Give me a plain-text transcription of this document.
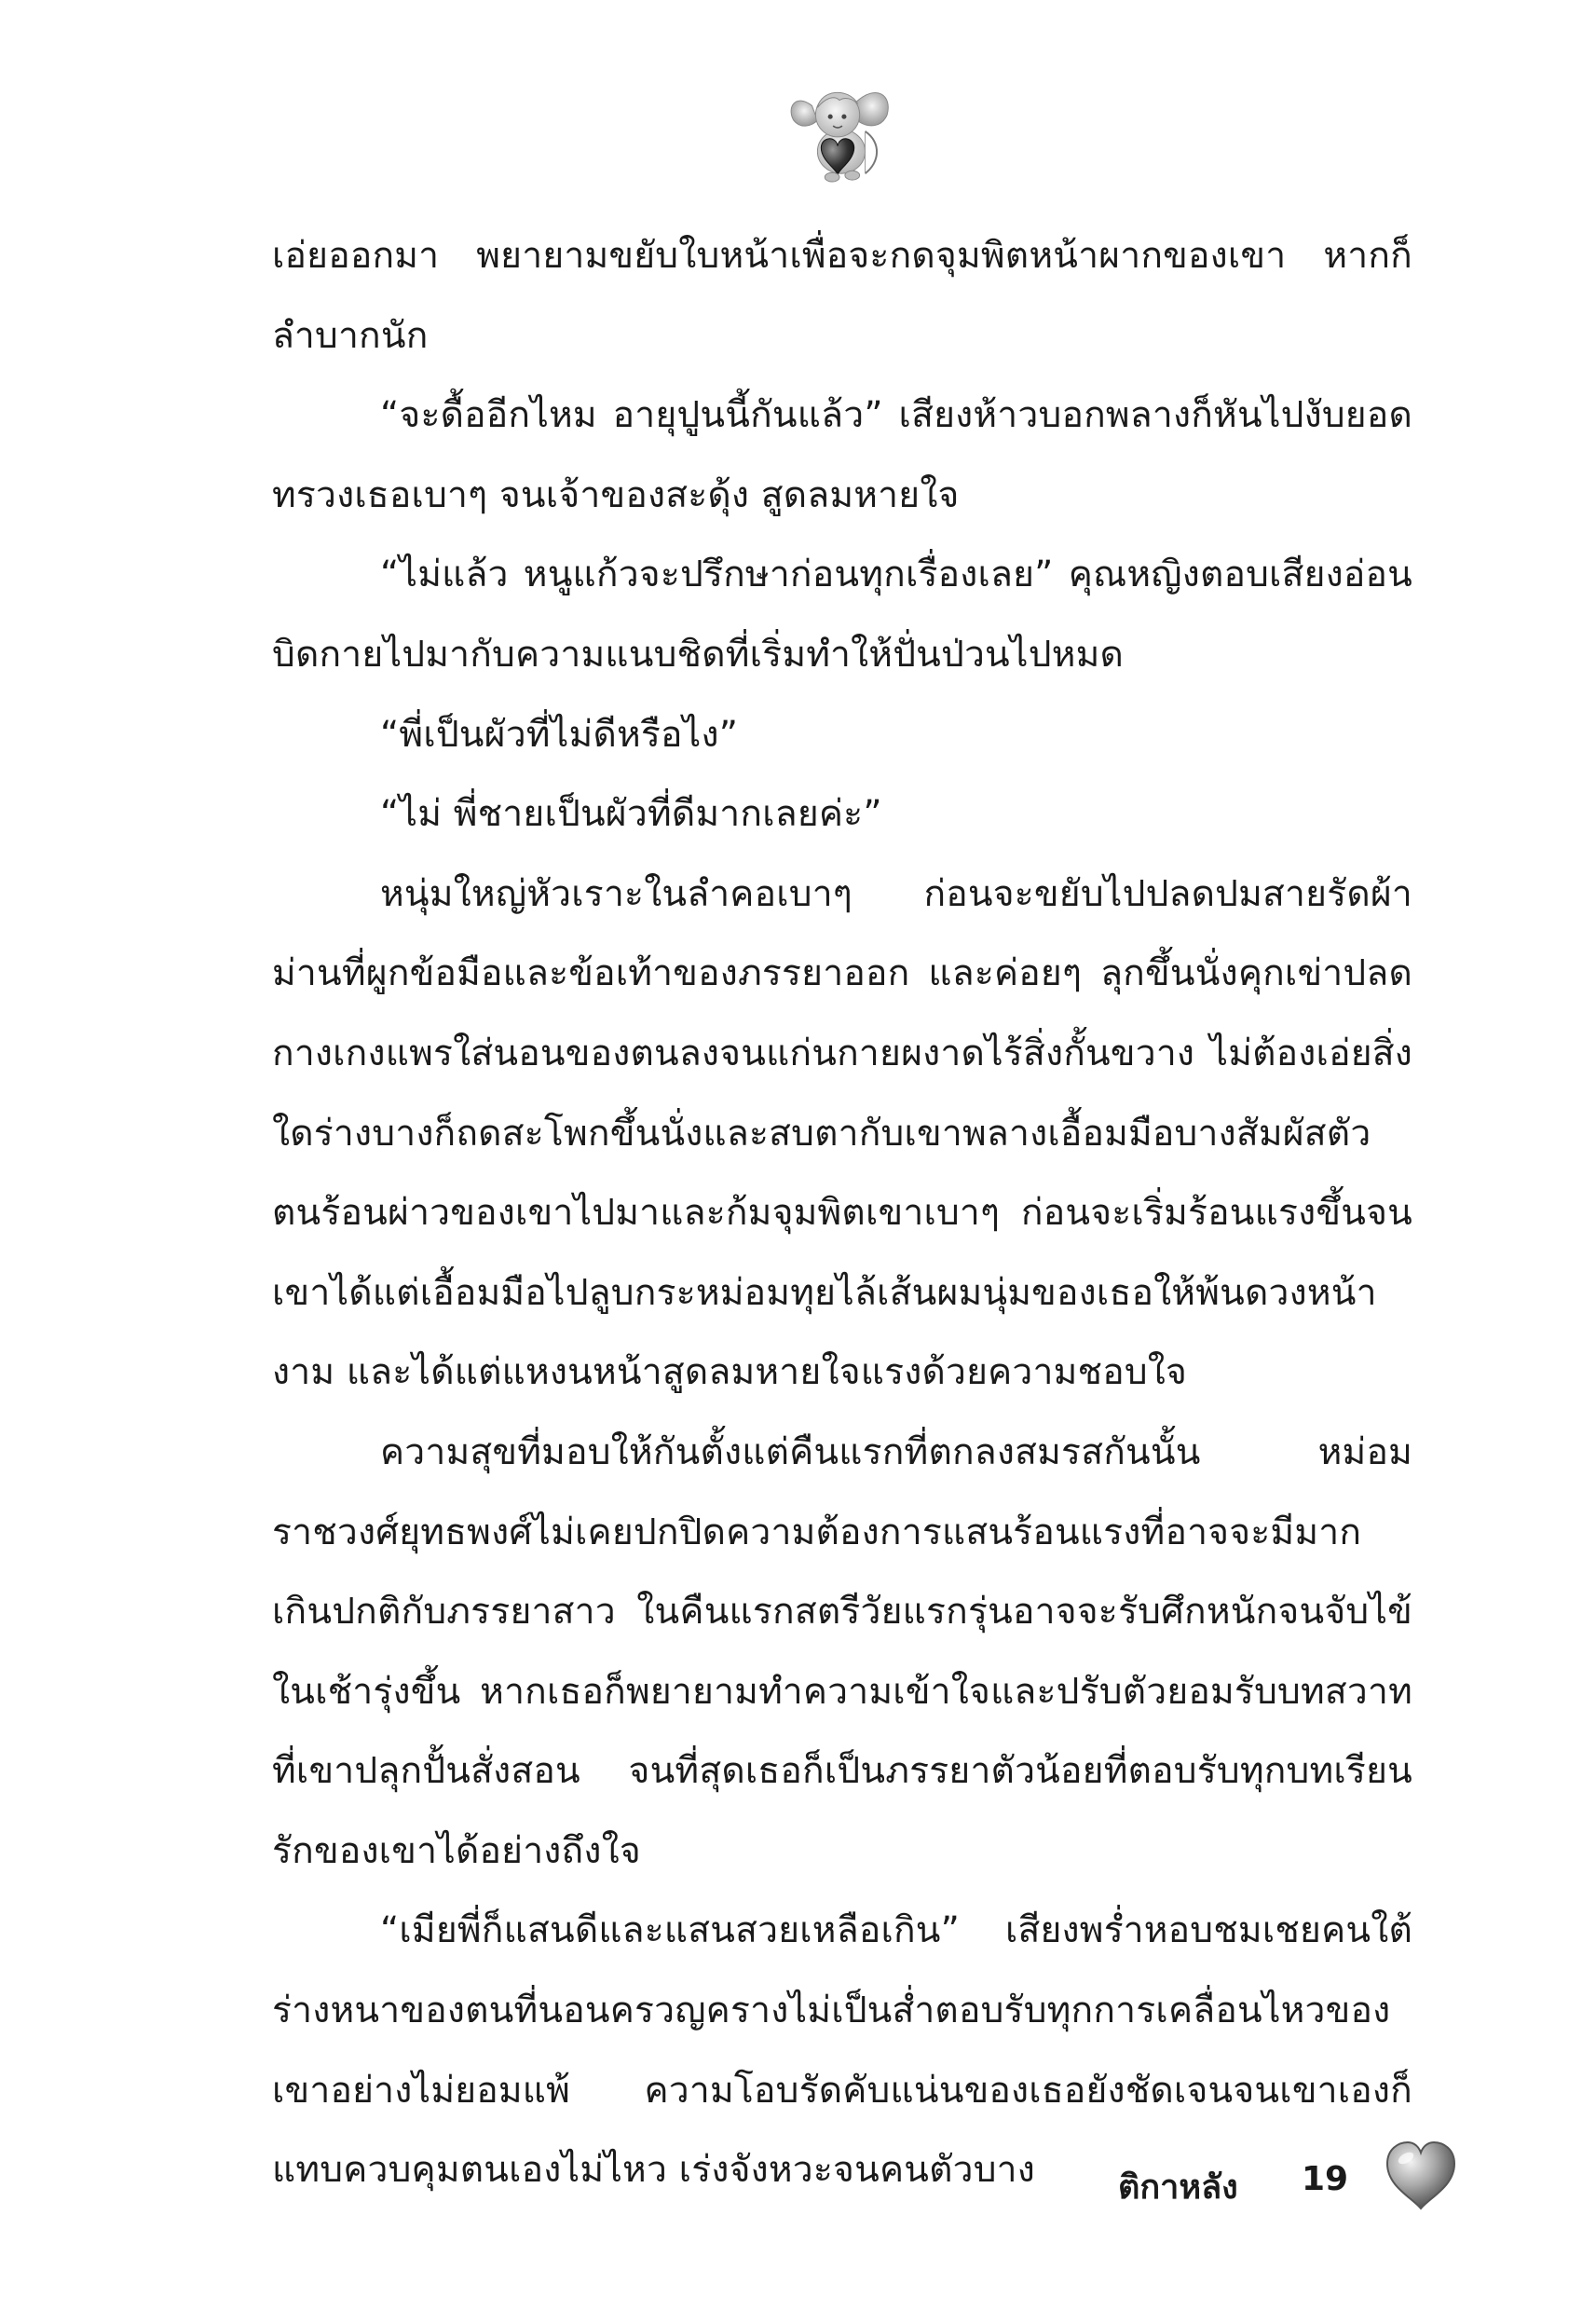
เอ่ยออกมา พยายามขยับใบหน้าเพื่อจะกดจุมพิตหน้าผากของเขา หากก็ลำบากนัก

“จะดื้ออีกไหม อายุปูนนี้กันแล้ว” เสียงห้าวบอกพลางก็หันไปงับยอดทรวงเธอเบาๆ จนเจ้าของสะดุ้ง สูดลมหายใจ

“ไม่แล้ว หนูแก้วจะปรึกษาก่อนทุกเรื่องเลย” คุณหญิงตอบเสียงอ่อน บิดกายไปมากับความแนบชิดที่เริ่มทำให้ปั่นป่วนไปหมด

“พี่เป็นผัวที่ไม่ดีหรือไง”

“ไม่ พี่ชายเป็นผัวที่ดีมากเลยค่ะ”

หนุ่มใหญ่หัวเราะในลำคอเบาๆ ก่อนจะขยับไปปลดปมสายรัดผ้าม่านที่ผูกข้อมือและข้อเท้าของภรรยาออก และค่อยๆ ลุกขึ้นนั่งคุกเข่าปลดกางเกงแพรใส่นอนของตนลงจนแก่นกายผงาดไร้สิ่งกั้นขวาง ไม่ต้องเอ่ยสิ่งใดร่างบางก็ถดสะโพกขึ้นนั่งและสบตากับเขาพลางเอื้อมมือบางสัมผัสตัวตนร้อนผ่าวของเขาไปมาและก้มจุมพิตเขาเบาๆ ก่อนจะเริ่มร้อนแรงขึ้นจนเขาได้แต่เอื้อมมือไปลูบกระหม่อมทุยไล้เส้นผมนุ่มของเธอให้พ้นดวงหน้างาม และได้แต่แหงนหน้าสูดลมหายใจแรงด้วยความชอบใจ

ความสุขที่มอบให้กันตั้งแต่คืนแรกที่ตกลงสมรสกันนั้น หม่อมราชวงศ์ยุทธพงศ์ไม่เคยปกปิดความต้องการแสนร้อนแรงที่อาจจะมีมากเกินปกติกับภรรยาสาว ในคืนแรกสตรีวัยแรกรุ่นอาจจะรับศึกหนักจนจับไข้ในเช้ารุ่งขึ้น หากเธอก็พยายามทำความเข้าใจและปรับตัวยอมรับบทสวาทที่เขาปลุกปั้นสั่งสอน จนที่สุดเธอก็เป็นภรรยาตัวน้อยที่ตอบรับทุกบทเรียนรักของเขาได้อย่างถึงใจ

“เมียพี่ก็แสนดีและแสนสวยเหลือเกิน” เสียงพร่ำหอบชมเชยคนใต้ร่างหนาของตนที่นอนครวญครางไม่เป็นส่ำตอบรับทุกการเคลื่อนไหวของเขาอย่างไม่ยอมแพ้ ความโอบรัดคับแน่นของเธอยังชัดเจนจนเขาเองก็แทบควบคุมตนเองไม่ไหว เร่งจังหวะจนคนตัวบาง	ติกาหลัง 19
